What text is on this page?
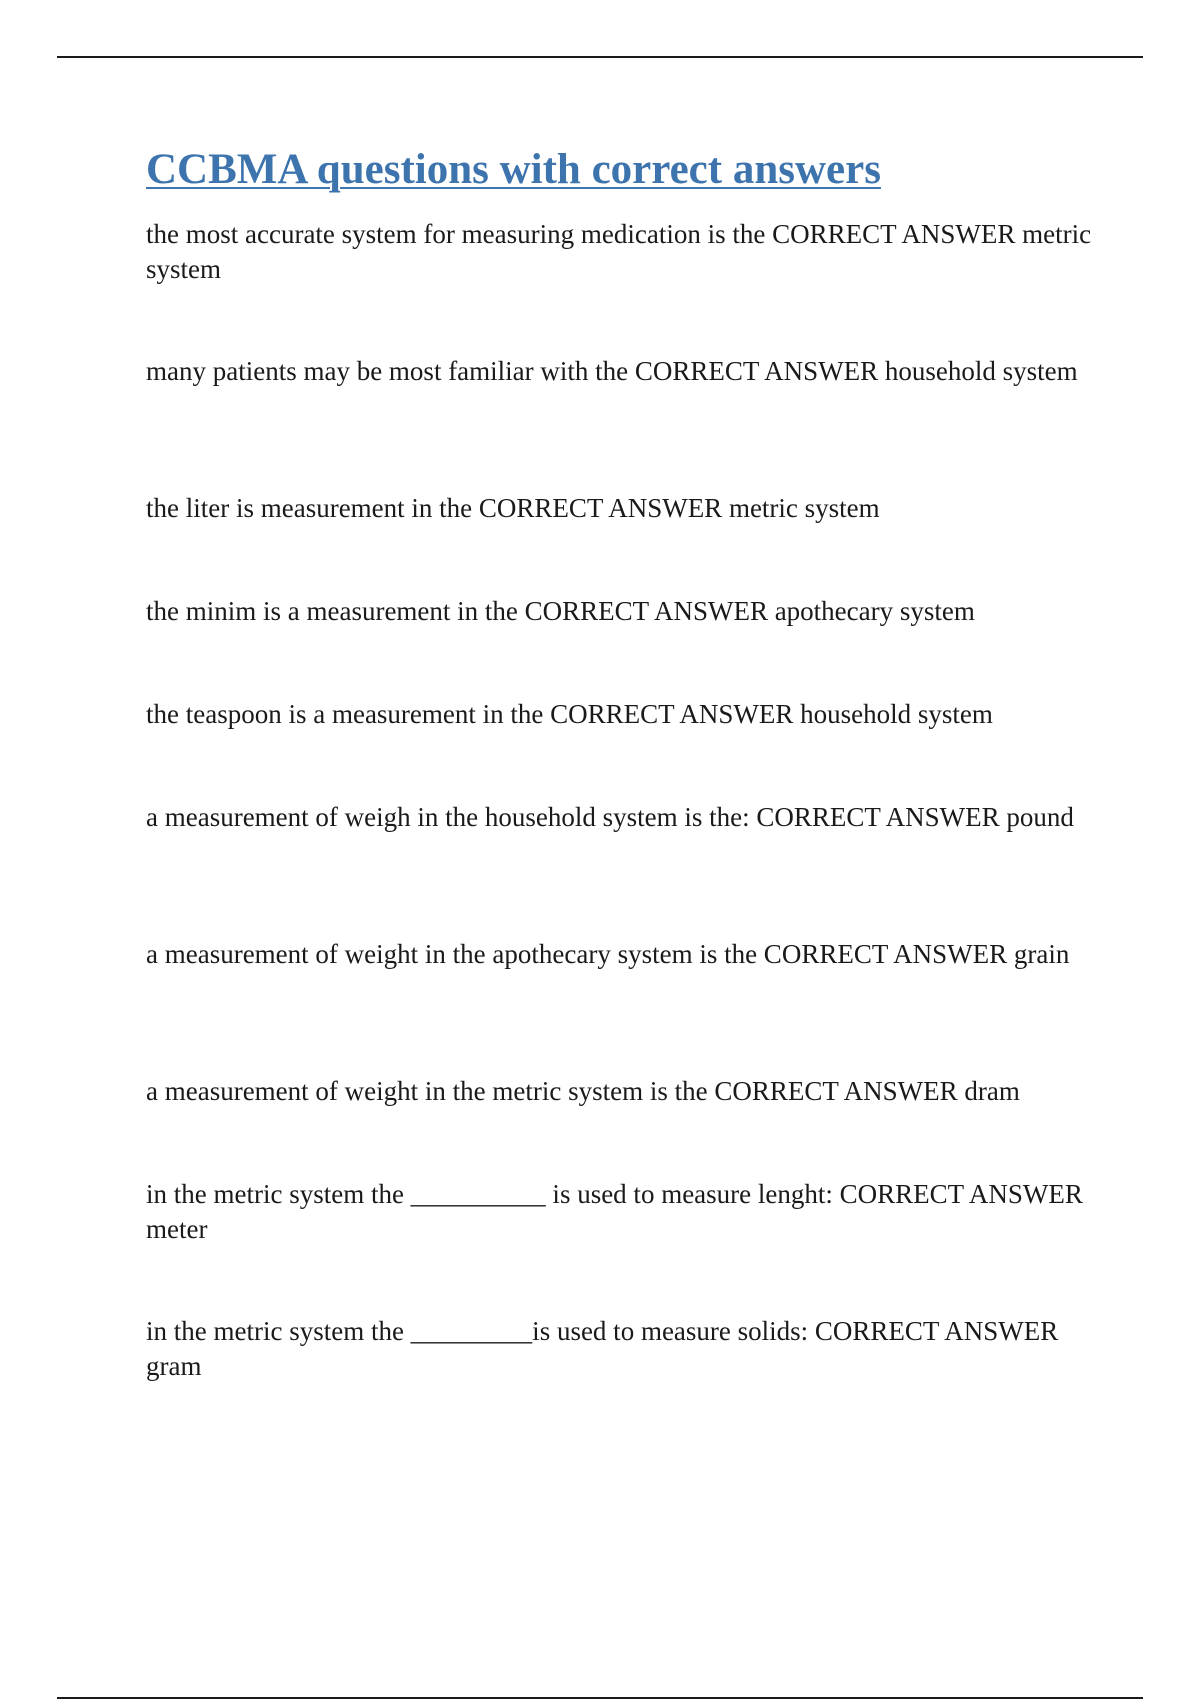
CCBMA questions with correct answers
the most accurate system for measuring medication is the CORRECT ANSWER metric system
many patients may be most familiar with the CORRECT ANSWER household system
the liter is measurement in the CORRECT ANSWER metric system
the minim is a measurement in the CORRECT ANSWER apothecary system
the teaspoon is a measurement in the CORRECT ANSWER household system
a measurement of weigh in the household system is the: CORRECT ANSWER pound
a measurement of weight in the apothecary system is the CORRECT ANSWER grain
a measurement of weight in the metric system is the CORRECT ANSWER dram
in the metric system the __________ is used to measure lenght: CORRECT ANSWER meter
in the metric system the _________is used to measure solids: CORRECT ANSWER gram
